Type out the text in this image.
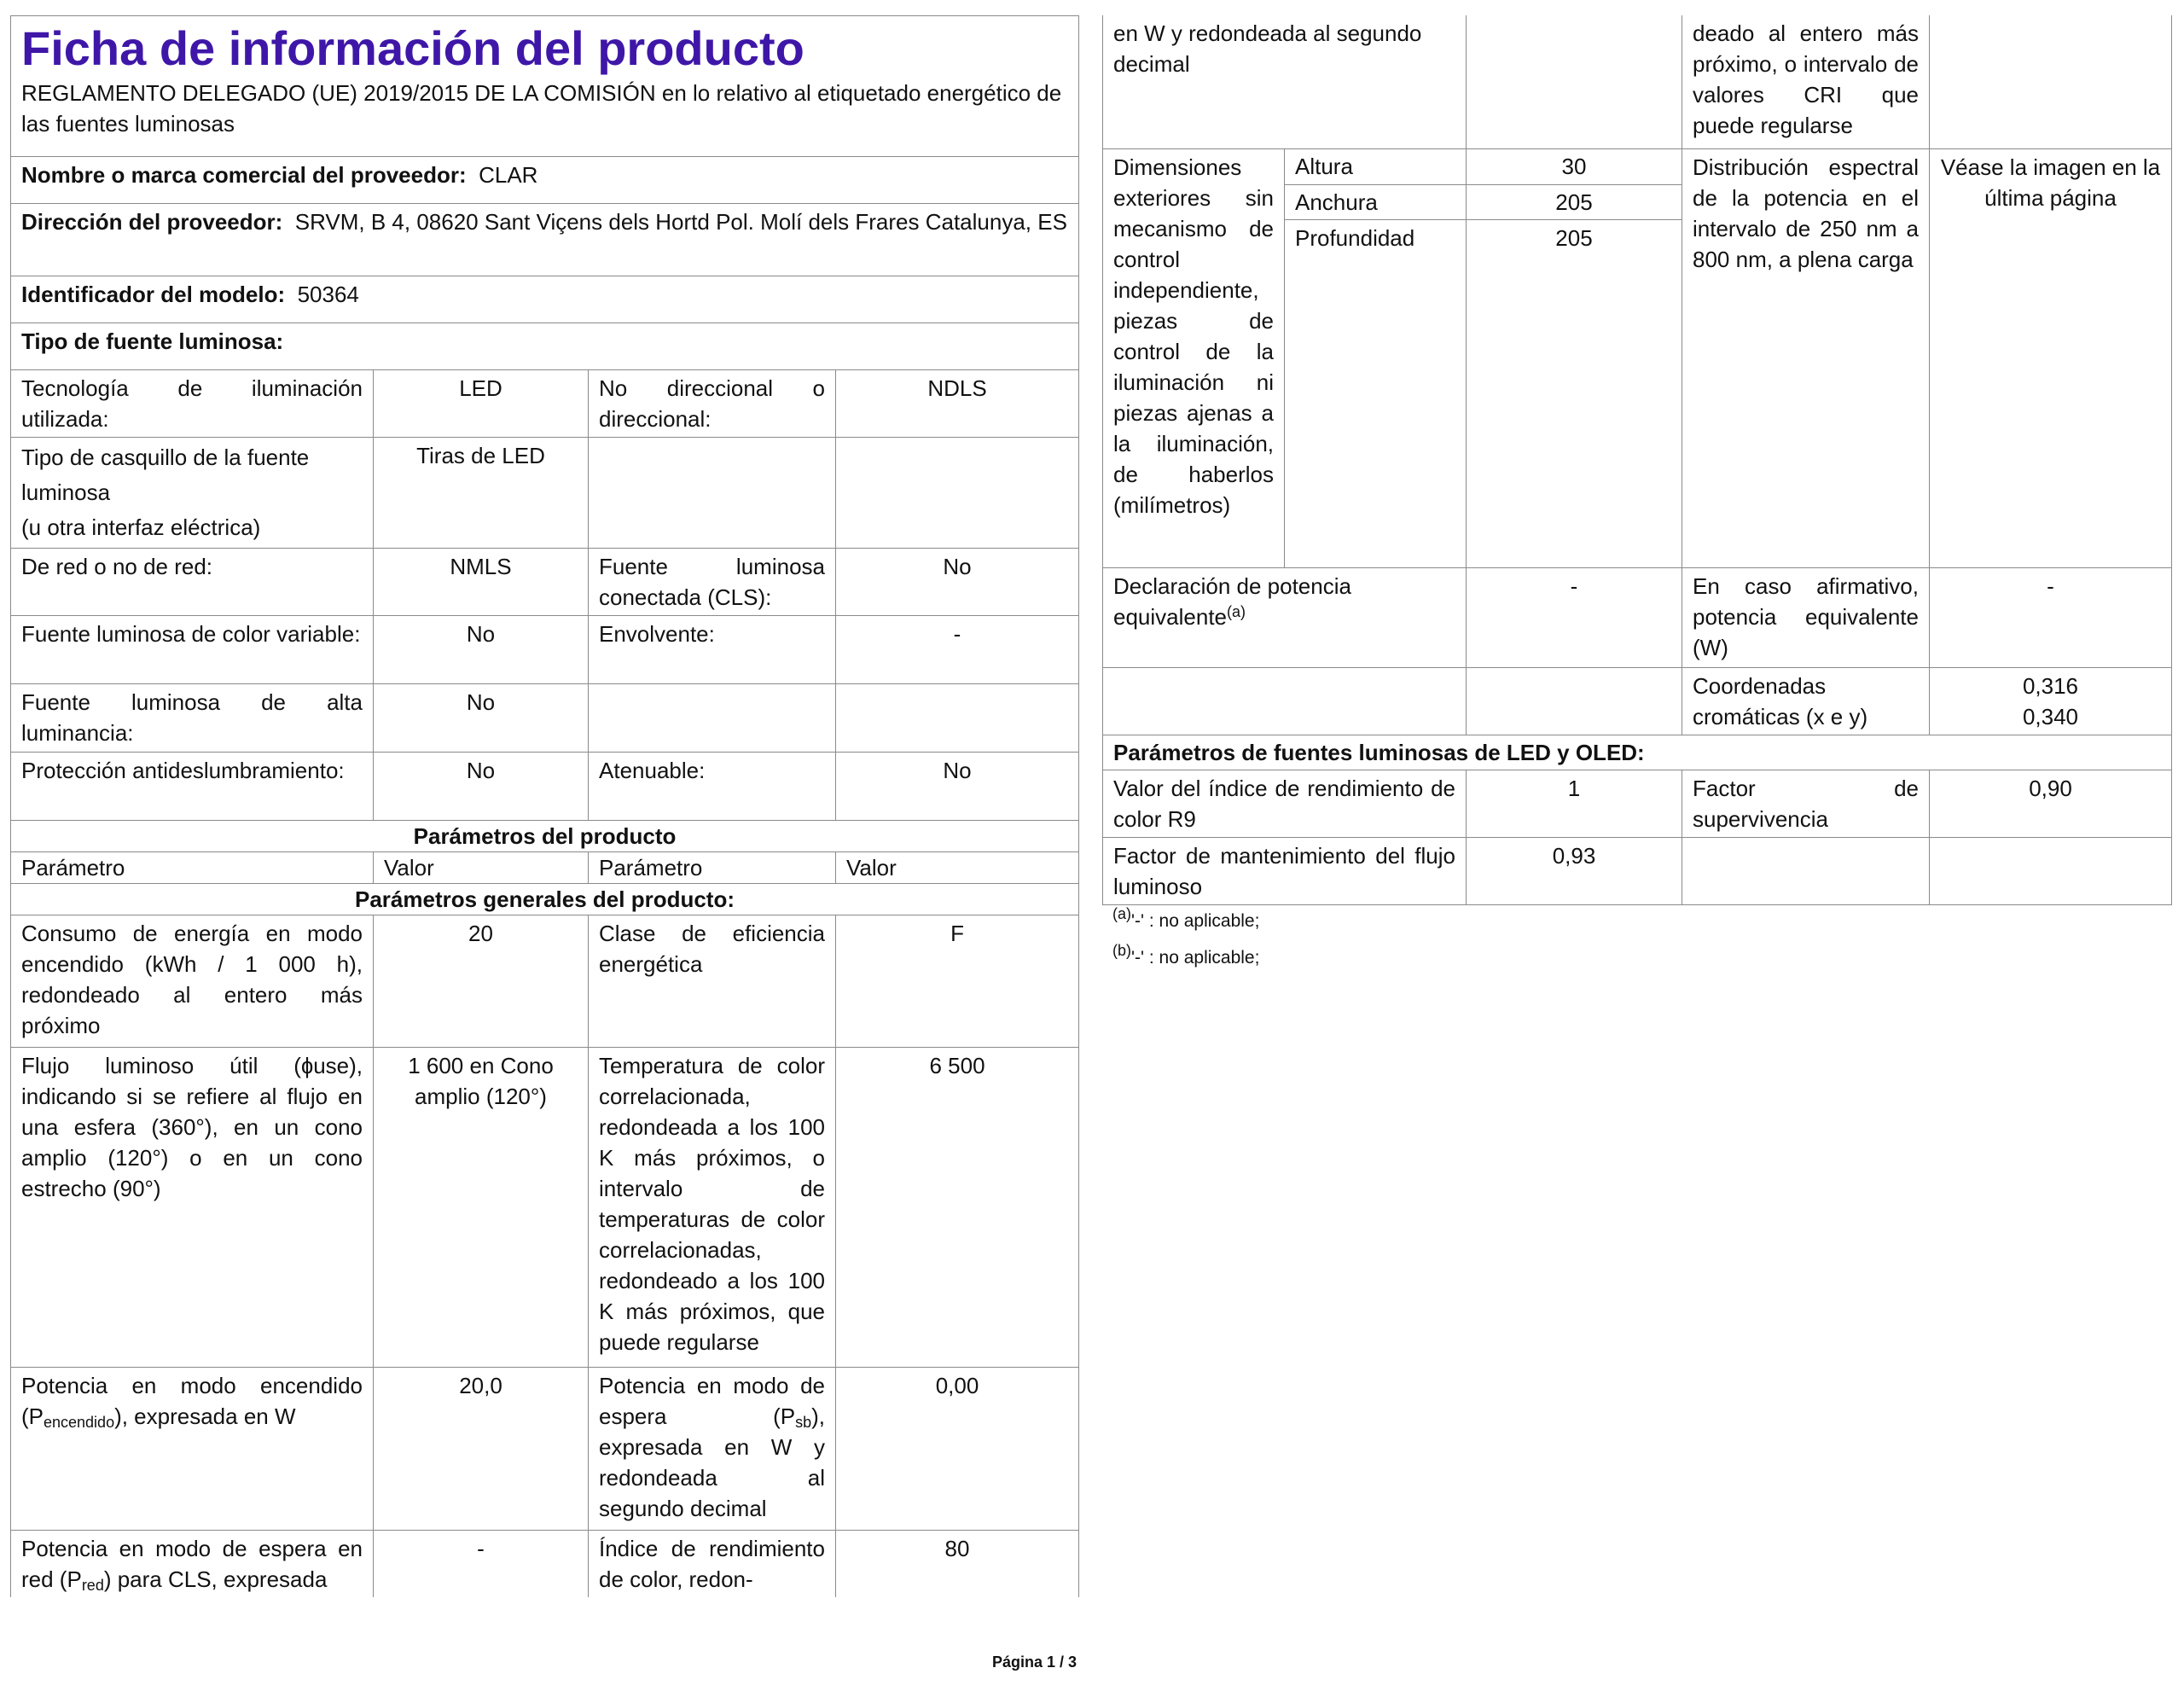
Ficha de información del producto
REGLAMENTO DELEGADO (UE) 2019/2015 DE LA COMISIÓN en lo relativo al etiquetado energético de las fuentes luminosas			

Nombre o marca comercial del proveedor: CLAR			
Dirección del proveedor: SRVM, B 4, 08620 Sant Viçens dels Hortd Pol. Molí dels Frares Catalunya, ES			
Identificador del modelo: 50364			
Tipo de fuente luminosa:			
Tecnología de iluminación utilizada:	LED	No direccional o direccional:	NDLS

Tipo de casquillo de la fuente luminosa
(u otra interfaz eléctrica)	Tiras de LED		
De red o no de red:	NMLS	Fuente luminosa conectada (CLS):	No
Fuente luminosa de color variable:	No	Envolvente:	-
Fuente luminosa de alta luminancia:	No		
Protección antideslumbramiento:	No	Atenuable:	No
Parámetros del producto			
Parámetro	Valor	Parámetro	Valor
Parámetros generales del producto:			
Consumo de energía en modo encendido (kWh / 1 000 h), redondeado al entero más próximo	20	Clase de eficiencia energética	F
Flujo luminoso útil (ɸuse), indicando si se refiere al flujo en una esfera (360°), en un cono amplio (120°) o en un cono estrecho (90°)	1 600 en Cono amplio (120°)	Temperatura de color correlacionada, redondeada a los 100 K más próximos, o intervalo de temperaturas de color correlacionadas, redondeado a los 100 K más próximos, que puede regularse	6 500
Potencia en modo encendido $(P_{encendido})$, expresada en W	20,0	Potencia en modo de espera $(P_{sb})$, expresada en W y redondeada al segundo decimal	0,00
Potencia en modo de espera en red $(P_{red})$ para CLS, expresada	-	Índice de rendimiento de color, redon-	80
en W y redondeada al segundo decimal			deado al entero más próximo, o intervalo de valores CRI que puede regularse	
Dimensiones exteriores sin mecanismo de control independiente, piezas de control de la iluminación ni piezas ajenas a la iluminación, de haberlos (milímetros)	Altura	30	Distribución espectral de la potencia en el intervalo de 250 nm a 800 nm, a plena carga	Véase la imagen en la última página
	Anchura	205		
	Profundidad	205		
Declaración de potencia equivalente$^{(a)}$		-	En caso afirmativo, potencia equivalente (W)	-
			Coordenadas cromáticas (x e y)	0,316
0,340

Parámetros de fuentes luminosas de LED y OLED:				
Valor del índice de rendimiento de color R9		1	Factor de supervivencia	0,90
Factor de mantenimiento del flujo luminoso		0,93		
(a)'-' : no aplicable;
(b)'-' : no aplicable;
Página 1 / 3
